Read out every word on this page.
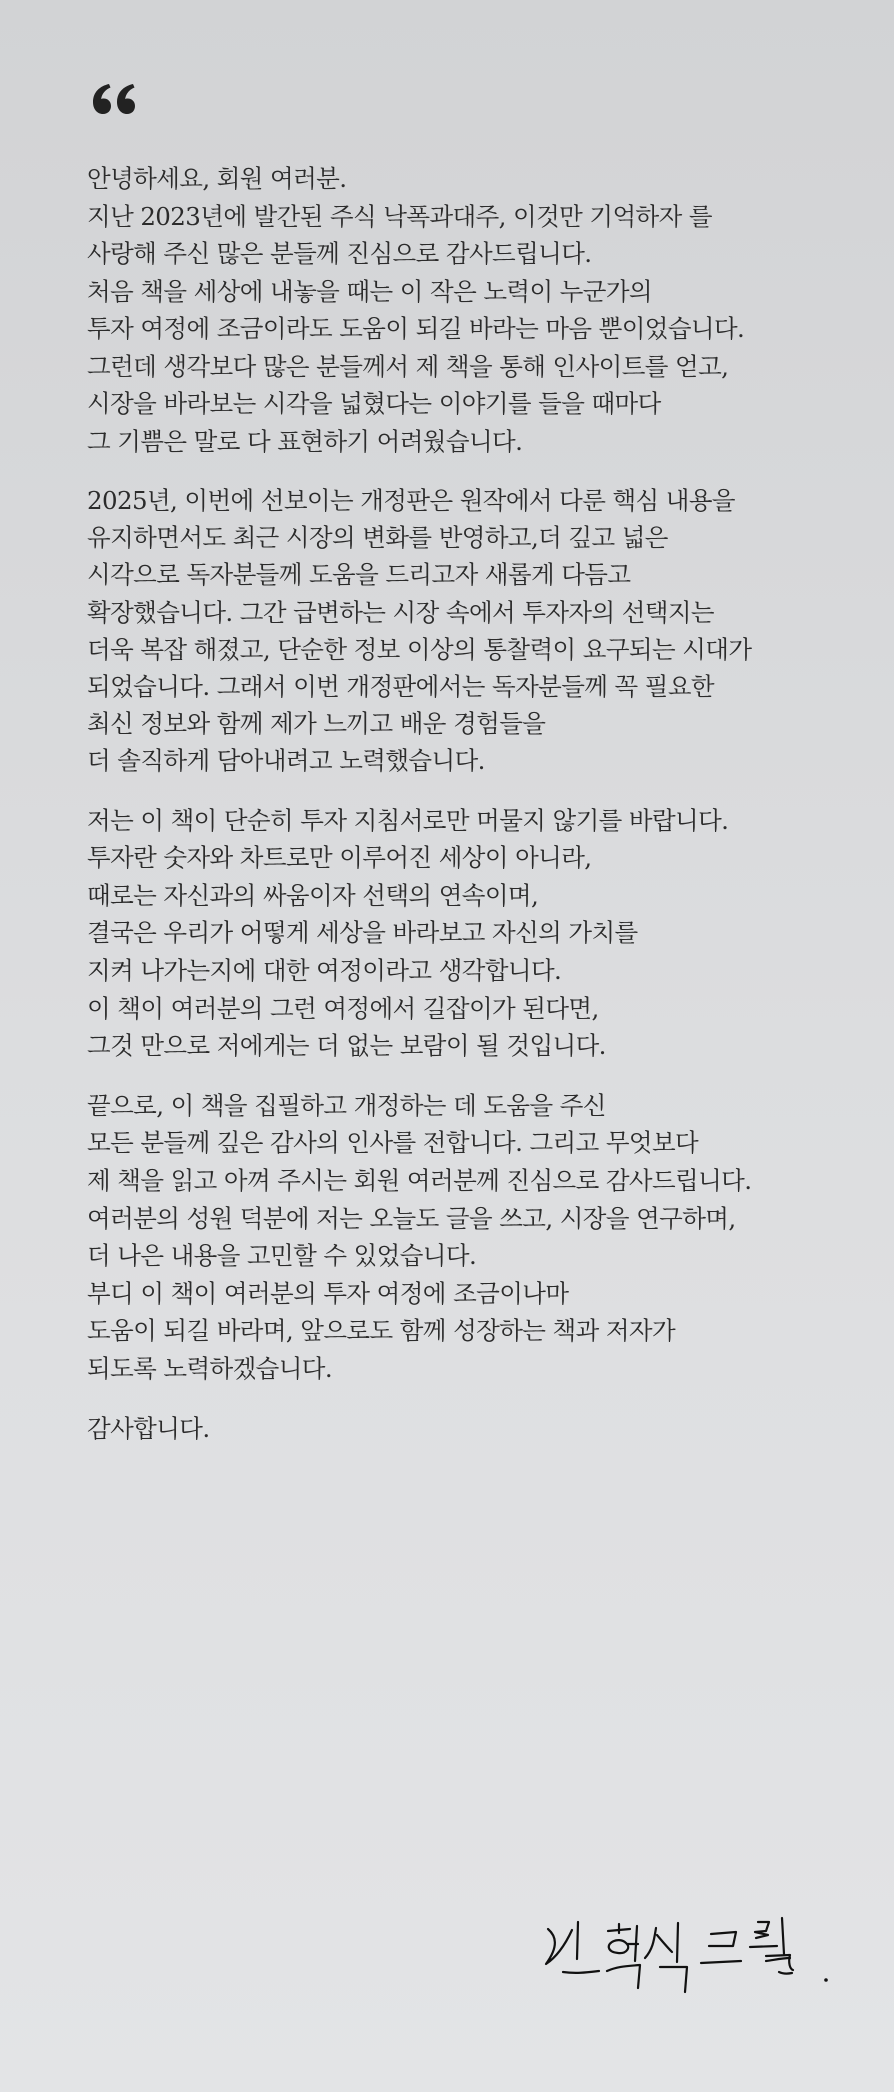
안녕하세요, 회원 여러분.
지난 2023년에 발간된 주식 낙폭과대주, 이것만 기억하자 를
사랑해 주신 많은 분들께 진심으로 감사드립니다.
처음 책을 세상에 내놓을 때는 이 작은 노력이 누군가의
투자 여정에 조금이라도 도움이 되길 바라는 마음 뿐이었습니다.
그런데 생각보다 많은 분들께서 제 책을 통해 인사이트를 얻고,
시장을 바라보는 시각을 넓혔다는 이야기를 들을 때마다
그 기쁨은 말로 다 표현하기 어려웠습니다.

2025년, 이번에 선보이는 개정판은 원작에서 다룬 핵심 내용을
유지하면서도 최근 시장의 변화를 반영하고,더 깊고 넓은
시각으로 독자분들께 도움을 드리고자 새롭게 다듬고
확장했습니다. 그간 급변하는 시장 속에서 투자자의 선택지는
더욱 복잡 해졌고, 단순한 정보 이상의 통찰력이 요구되는 시대가
되었습니다. 그래서 이번 개정판에서는 독자분들께 꼭 필요한
최신 정보와 함께 제가 느끼고 배운 경험들을
더 솔직하게 담아내려고 노력했습니다.

저는 이 책이 단순히 투자 지침서로만 머물지 않기를 바랍니다.
투자란 숫자와 차트로만 이루어진 세상이 아니라,
때로는 자신과의 싸움이자 선택의 연속이며,
결국은 우리가 어떻게 세상을 바라보고 자신의 가치를
지켜 나가는지에 대한 여정이라고 생각합니다.
이 책이 여러분의 그런 여정에서 길잡이가 된다면,
그것 만으로 저에게는 더 없는 보람이 될 것입니다.

끝으로, 이 책을 집필하고 개정하는 데 도움을 주신
모든 분들께 깊은 감사의 인사를 전합니다. 그리고 무엇보다
제 책을 읽고 아껴 주시는 회원 여러분께 진심으로 감사드립니다.
여러분의 성원 덕분에 저는 오늘도 글을 쓰고, 시장을 연구하며,
더 나은 내용을 고민할 수 있었습니다.
부디 이 책이 여러분의 투자 여정에 조금이나마
도움이 되길 바라며, 앞으로도 함께 성장하는 책과 저자가
되도록 노력하겠습니다.

감사합니다.
